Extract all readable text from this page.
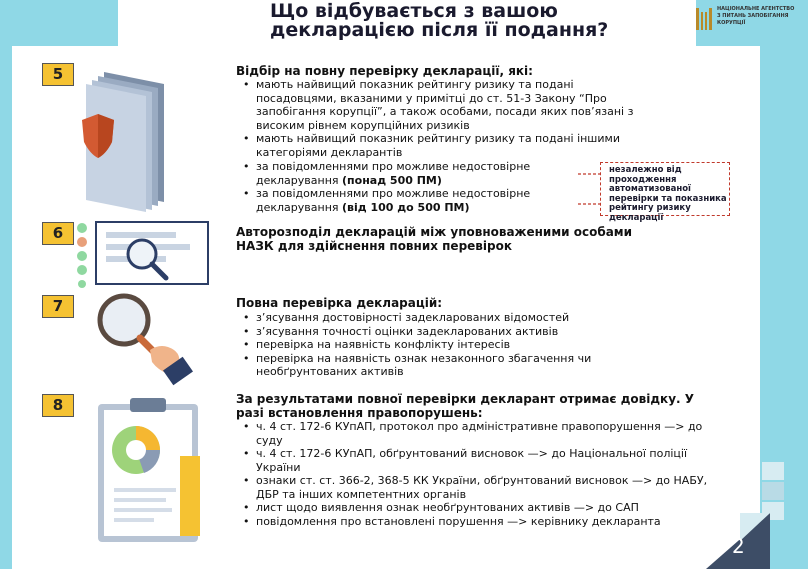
Що відбувається з вашою декларацією після її подання?
НАЦІОНАЛЬНЕ АГЕНТСТВО
З ПИТАНЬ ЗАПОБІГАННЯ
КОРУПЦІЇ
5
6
7
8
Відбір на повну перевірку декларації, які:
• мають найвищий показник рейтингу ризику та подані посадовцями, вказаними у примітці до ст. 51-3 Закону “Про запобігання корупції”, а також особами, посади яких пов’язані з високим рівнем корупційних ризиків
• мають найвищий показник рейтингу ризику та подані іншими категоріями декларантів
• за повідомленнями про можливе недостовірне декларування (понад 500 ПМ)
• за повідомленнями про можливе недостовірне декларування (від 100 до 500 ПМ)
незалежно від проходження автоматизованої перевірки та показника рейтингу ризику декларації
Авторозподіл декларацій між уповноваженими особами НАЗК для здійснення повних перевірок
Повна перевірка декларацій:
• з’ясування достовірності задекларованих відомостей
• з’ясування точності оцінки задекларованих активів
• перевірка на наявність конфлікту інтересів
• перевірка на наявність ознак незаконного збагачення чи необґрунтованих активів
За результатами повної перевірки декларант отримає довідку. У разі встановлення правопорушень:
• ч. 4 ст. 172-6 КУпАП, протокол про адміністративне правопорушення —> до суду
• ч. 4 ст. 172-6 КУпАП, обґрунтований висновок —> до Національної поліції України
• ознаки ст. ст. 366-2, 368-5 КК України, обґрунтований висновок —> до НАБУ, ДБР та інших компетентних органів
• лист щодо виявлення ознак необґрунтованих активів —> до САП
• повідомлення про встановлені порушення —> керівнику декларанта
2
